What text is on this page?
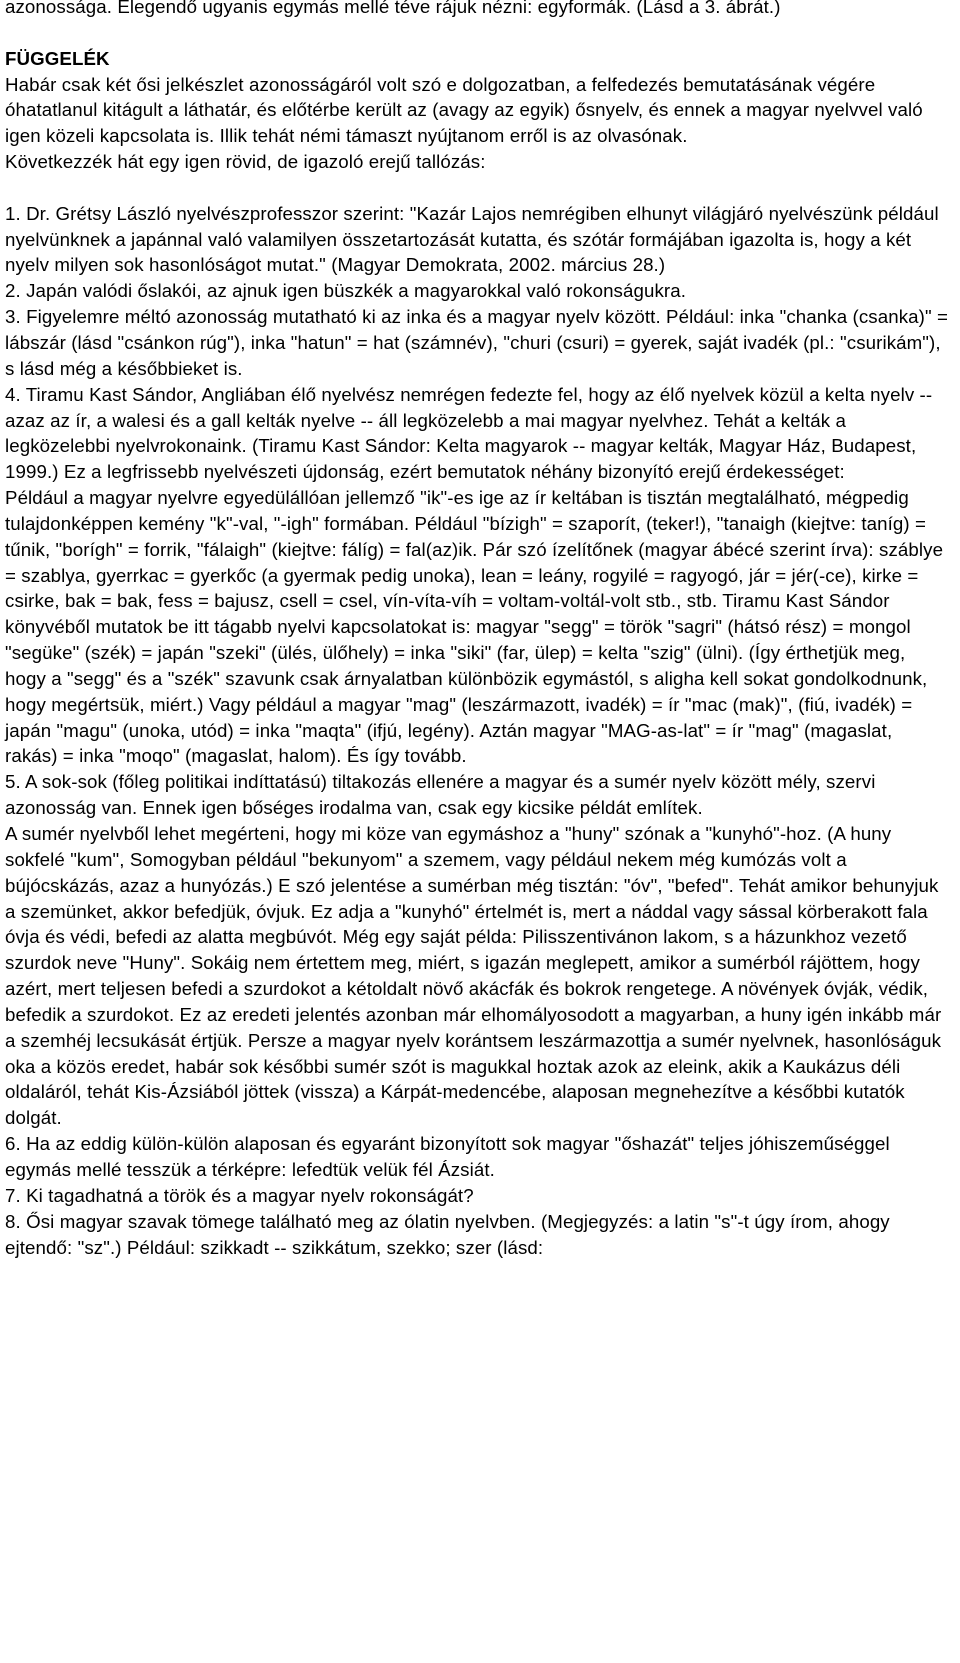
azonossága. Elegendő ugyanis egymás mellé téve rájuk nézni: egyformák. (Lásd a 3. ábrát.)

FÜGGELÉK

Habár csak két ősi jelkészlet azonosságáról volt szó e dolgozatban, a felfedezés bemutatásának végére óhatatlanul kitágult a láthatár, és előtérbe került az (avagy az egyik) ősnyelv, és ennek a magyar nyelvvel való igen közeli kapcsolata is. Illik tehát némi támaszt nyújtanom erről is az olvasónak.

Következzék hát egy igen rövid, de igazoló erejű tallózás:

1. Dr. Grétsy László nyelvészprofesszor szerint: "Kazár Lajos nemrégiben elhunyt világjáró nyelvészünk például nyelvünknek a japánnal való valamilyen összetartozását kutatta, és szótár formájában igazolta is, hogy a két nyelv milyen sok hasonlóságot mutat." (Magyar Demokrata, 2002. március 28.)

2. Japán valódi őslakói, az ajnuk igen büszkék a magyarokkal való rokonságukra.

3. Figyelemre méltó azonosság mutatható ki az inka és a magyar nyelv között. Például: inka "chanka (csanka)" = lábszár (lásd "csánkon rúg"), inka "hatun" = hat (számnév), "churi (csuri) = gyerek, saját ivadék (pl.: "csurikám"), s lásd még a későbbieket is.

4. Tiramu Kast Sándor, Angliában élő nyelvész nemrégen fedezte fel, hogy az élő nyelvek közül a kelta nyelv -- azaz az ír, a walesi és a gall kelták nyelve -- áll legközelebb a mai magyar nyelvhez. Tehát a kelták a legközelebbi nyelvrokonaink. (Tiramu Kast Sándor: Kelta magyarok -- magyar kelták, Magyar Ház, Budapest, 1999.) Ez a legfrissebb nyelvészeti újdonság, ezért bemutatok néhány bizonyító erejű érdekességet:

Például a magyar nyelvre egyedülállóan jellemző "ik"-es ige az ír keltában is tisztán megtalálható, mégpedig tulajdonképpen kemény "k"-val, "-igh" formában. Például "bízigh" = szaporít, (teker!), "tanaigh (kiejtve: taníg) = tűnik, "borígh" = forrik, "fálaigh" (kiejtve: fálíg) = fal(az)ik. Pár szó ízelítőnek (magyar ábécé szerint írva): száblye = szablya, gyerrkac = gyerkőc (a gyermak pedig unoka), lean = leány, rogyilé = ragyogó, jár = jér(-ce), kirke = csirke, bak = bak, fess = bajusz, csell = csel, vín-víta-víh = voltam-voltál-volt stb., stb. Tiramu Kast Sándor könyvéből mutatok be itt tágabb nyelvi kapcsolatokat is: magyar "segg" = török "sagri" (hátsó rész) = mongol "següke" (szék) = japán "szeki" (ülés, ülőhely) = inka "siki" (far, ülep) = kelta "szig" (ülni). (Így érthetjük meg, hogy a "segg" és a "szék" szavunk csak árnyalatban különbözik egymástól, s aligha kell sokat gondolkodnunk, hogy megértsük, miért.) Vagy például a magyar "mag" (leszármazott, ivadék) = ír "mac (mak)", (fiú, ivadék) = japán "magu" (unoka, utód) = inka "maqta" (ifjú, legény). Aztán magyar "MAG-as-lat" = ír "mag" (magaslat, rakás) = inka "moqo" (magaslat, halom). És így tovább.

5. A sok-sok (főleg politikai indíttatású) tiltakozás ellenére a magyar és a sumér nyelv között mély, szervi azonosság van. Ennek igen bőséges irodalma van, csak egy kicsike példát említek.

A sumér nyelvből lehet megérteni, hogy mi köze van egymáshoz a "huny" szónak a "kunyhó"-hoz. (A huny sokfelé "kum", Somogyban például "bekunyom" a szemem, vagy például nekem még kumózás volt a bújócskázás, azaz a hunyózás.) E szó jelentése a sumérban még tisztán: "óv", "befed". Tehát amikor behunyjuk a szemünket, akkor befedjük, óvjuk. Ez adja a "kunyhó" értelmét is, mert a náddal vagy sással körberakott fala óvja és védi, befedi az alatta megbúvót. Még egy saját példa: Pilisszentivánon lakom, s a házunkhoz vezető szurdok neve "Huny". Sokáig nem értettem meg, miért, s igazán meglepett, amikor a sumérból rájöttem, hogy azért, mert teljesen befedi a szurdokot a kétoldalt növő akácfák és bokrok rengetege. A növények óvják, védik, befedik a szurdokot. Ez az eredeti jelentés azonban már elhomályosodott a magyarban, a huny igén inkább már a szemhéj lecsukását értjük. Persze a magyar nyelv korántsem leszármazottja a sumér nyelvnek, hasonlóságuk oka a közös eredet, habár sok későbbi sumér szót is magukkal hoztak azok az eleink, akik a Kaukázus déli oldaláról, tehát Kis-Ázsiából jöttek (vissza) a Kárpát-medencébe, alaposan megnehezítve a későbbi kutatók dolgát.

6. Ha az eddig külön-külön alaposan és egyaránt bizonyított sok magyar "őshazát" teljes jóhiszeműséggel egymás mellé tesszük a térképre: lefedtük velük fél Ázsiát.

7. Ki tagadhatná a török és a magyar nyelv rokonságát?

8. Ősi magyar szavak tömege található meg az ólatin nyelvben. (Megjegyzés: a latin "s"-t úgy írom, ahogy ejtendő: "sz".) Például: szikkadt -- szikkátum, szekko; szer (lásd:
